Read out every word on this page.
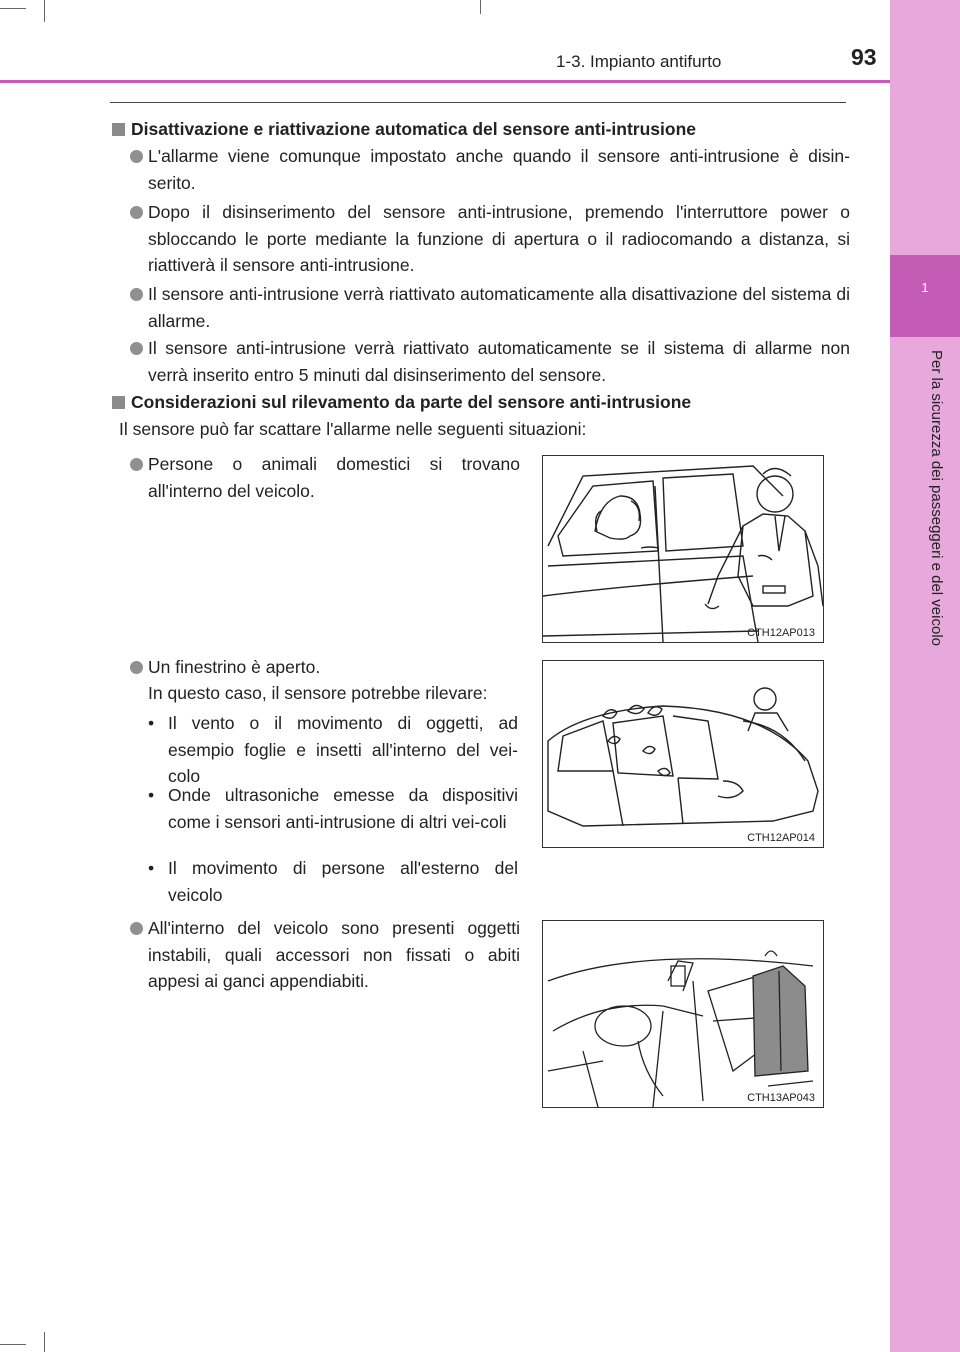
1
Per la sicurezza dei passeggeri e del veicolo
1-3. Impianto antifurto	93
Disattivazione e riattivazione automatica del sensore anti-intrusione
L'allarme viene comunque impostato anche quando il sensore anti-intrusione è disin-serito.
Dopo il disinserimento del sensore anti-intrusione, premendo l'interruttore power o sbloccando le porte mediante la funzione di apertura o il radiocomando a distanza, si riattiverà il sensore anti-intrusione.
Il sensore anti-intrusione verrà riattivato automaticamente alla disattivazione del sistema di allarme.
Il sensore anti-intrusione verrà riattivato automaticamente se il sistema di allarme non verrà inserito entro 5 minuti dal disinserimento del sensore.
Considerazioni sul rilevamento da parte del sensore anti-intrusione
Il sensore può far scattare l'allarme nelle seguenti situazioni:
Persone o animali domestici si trovano all'interno del veicolo.
Un finestrino è aperto.
In questo caso, il sensore potrebbe rilevare:
• Il vento o il movimento di oggetti, ad esempio foglie e insetti all'interno del vei-colo
• Onde ultrasoniche emesse da dispositivi come i sensori anti-intrusione di altri vei-coli
• Il movimento di persone all'esterno del veicolo
All'interno del veicolo sono presenti oggetti instabili, quali accessori non fissati o abiti appesi ai ganci appendiabiti.
CTH12AP013
CTH12AP014
CTH13AP043
